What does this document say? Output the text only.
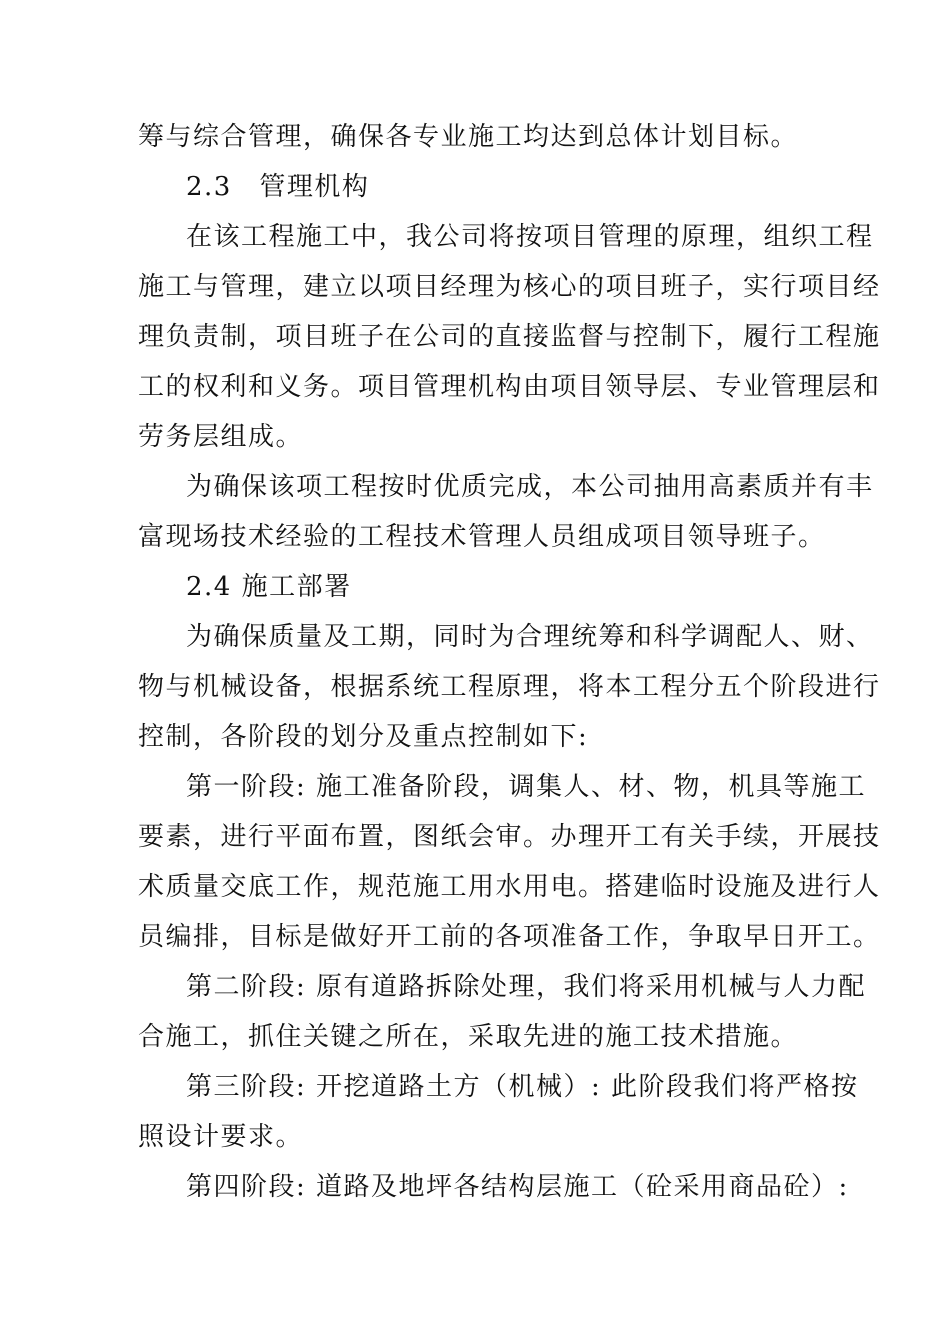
筹与综合管理，确保各专业施工均达到总体计划目标。
2.3　管理机构
在该工程施工中，我公司将按项目管理的原理，组织工程
施工与管理，建立以项目经理为核心的项目班子，实行项目经
理负责制，项目班子在公司的直接监督与控制下，履行工程施
工的权利和义务。项目管理机构由项目领导层、专业管理层和
劳务层组成。
为确保该项工程按时优质完成，本公司抽用高素质并有丰
富现场技术经验的工程技术管理人员组成项目领导班子。
2.4 施工部署
为确保质量及工期，同时为合理统筹和科学调配人、财、
物与机械设备，根据系统工程原理，将本工程分五个阶段进行
控制，各阶段的划分及重点控制如下:
第一阶段: 施工准备阶段，调集人、材、物，机具等施工
要素，进行平面布置，图纸会审。办理开工有关手续，开展技
术质量交底工作，规范施工用水用电。搭建临时设施及进行人
员编排，目标是做好开工前的各项准备工作，争取早日开工。
第二阶段: 原有道路拆除处理，我们将采用机械与人力配
合施工，抓住关键之所在，采取先进的施工技术措施。
第三阶段: 开挖道路土方（机械）: 此阶段我们将严格按
照设计要求。
第四阶段: 道路及地坪各结构层施工（砼采用商品砼）:
